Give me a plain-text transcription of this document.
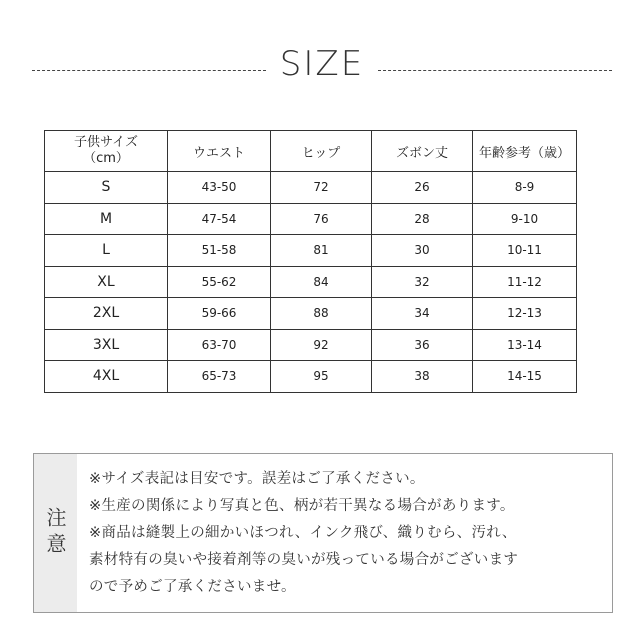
SIZE
子供サイズ
（cm）	ウエスト	ヒップ	ズボン丈	年齢参考（歳）
S	43-50	72	26	8-9
M	47-54	76	28	9-10
L	51-58	81	30	10-11
XL	55-62	84	32	11-12
2XL	59-66	88	34	12-13
3XL	63-70	92	36	13-14
4XL	65-73	95	38	14-15
注意
※サイズ表記は目安です。誤差はご了承ください。
※生産の関係により写真と色、柄が若干異なる場合があります。
※商品は縫製上の細かいほつれ、インク飛び、織りむら、汚れ、
素材特有の臭いや接着剤等の臭いが残っている場合がございます
ので予めご了承くださいませ。
